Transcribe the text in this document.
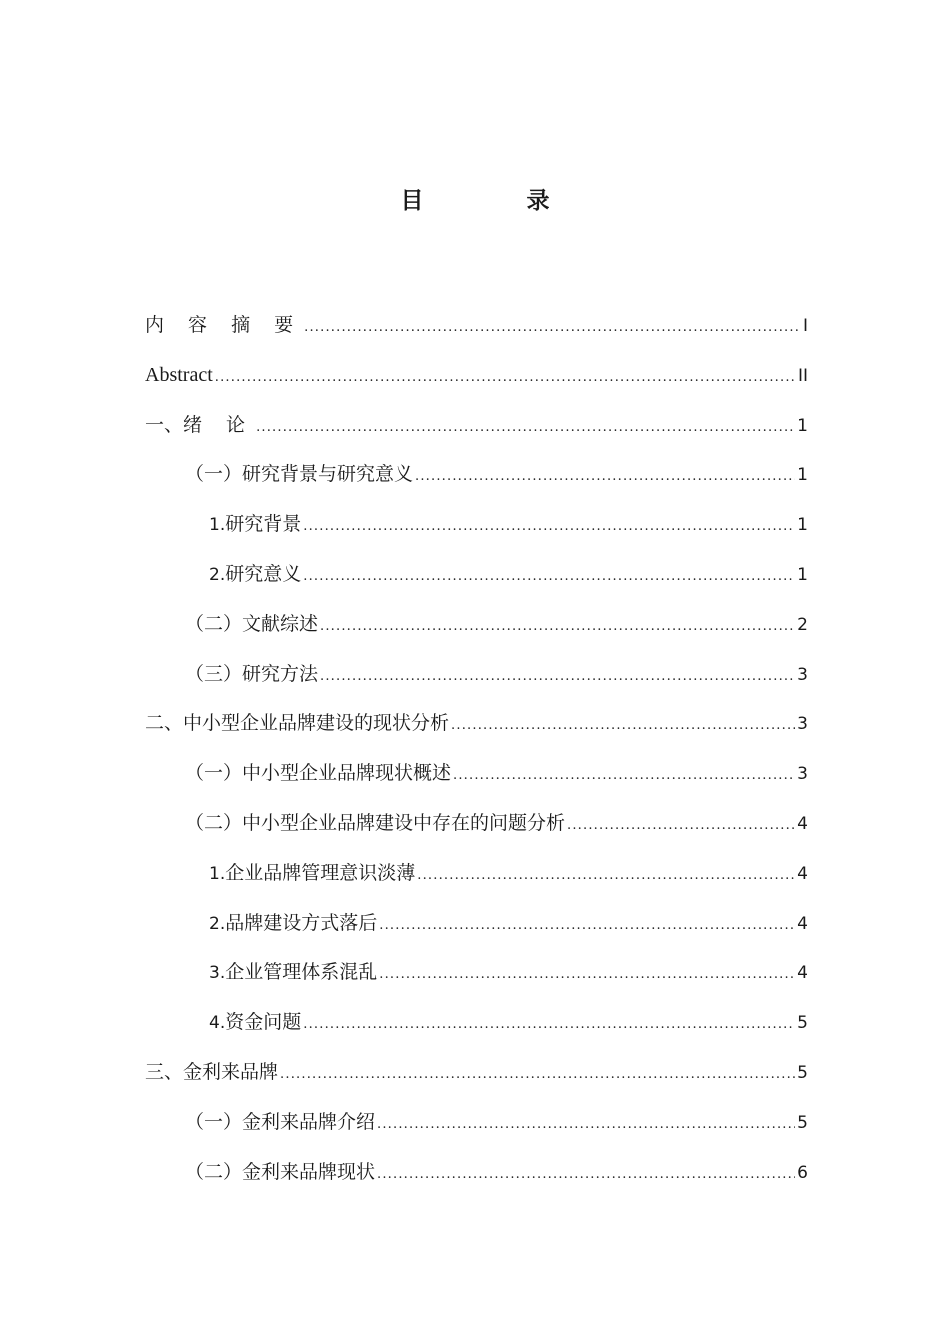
目　录
内 容 摘 要 .....	I
Abstract .....	II
一、 绪 论 .....	1
（一）研究背景与研究意义 .....	1
1. 研究背景 .....	1
2. 研究意义 .....	1
（二）文献综述 .....	2
（三）研究方法 .....	3
二、 中小型企业品牌建设的现状分析 .....	3
（一）中小型企业品牌现状概述 .....	3
（二）中小型企业品牌建设中存在的问题分析 .....	4
1. 企业品牌管理意识淡薄 .....	4
2. 品牌建设方式落后 .....	4
3. 企业管理体系混乱 .....	4
4. 资金问题 .....	5
三、 金利来品牌 .....	5
（一）金利来品牌介绍 .....	5
（二）金利来品牌现状 .....	6
